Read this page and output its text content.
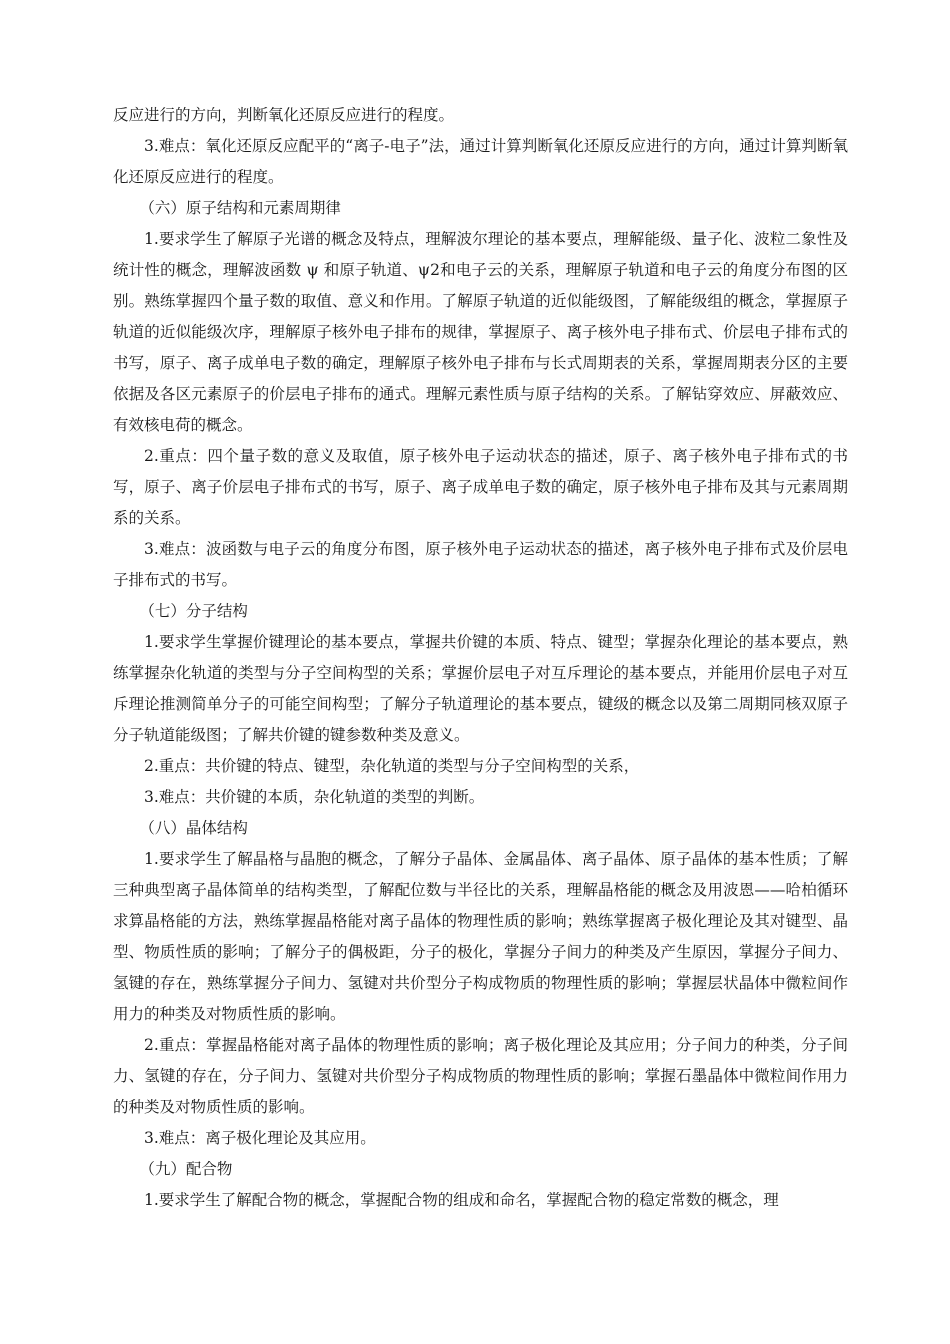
反应进行的方向，判断氧化还原反应进行的程度。

3.难点：氧化还原反应配平的“离子-电子”法，通过计算判断氧化还原反应进行的方向，通过计算判断氧化还原反应进行的程度。

（六）原子结构和元素周期律

1.要求学生了解原子光谱的概念及特点，理解波尔理论的基本要点，理解能级、量子化、波粒二象性及统计性的概念，理解波函数 ψ 和原子轨道、ψ2和电子云的关系，理解原子轨道和电子云的角度分布图的区别。熟练掌握四个量子数的取值、意义和作用。了解原子轨道的近似能级图，了解能级组的概念，掌握原子轨道的近似能级次序，理解原子核外电子排布的规律，掌握原子、离子核外电子排布式、价层电子排布式的书写，原子、离子成单电子数的确定，理解原子核外电子排布与长式周期表的关系，掌握周期表分区的主要依据及各区元素原子的价层电子排布的通式。理解元素性质与原子结构的关系。了解钻穿效应、屏蔽效应、有效核电荷的概念。

2.重点：四个量子数的意义及取值，原子核外电子运动状态的描述，原子、离子核外电子排布式的书写，原子、离子价层电子排布式的书写，原子、离子成单电子数的确定，原子核外电子排布及其与元素周期系的关系。

3.难点：波函数与电子云的角度分布图，原子核外电子运动状态的描述，离子核外电子排布式及价层电子排布式的书写。

（七）分子结构

1.要求学生掌握价键理论的基本要点，掌握共价键的本质、特点、键型；掌握杂化理论的基本要点，熟练掌握杂化轨道的类型与分子空间构型的关系；掌握价层电子对互斥理论的基本要点，并能用价层电子对互斥理论推测简单分子的可能空间构型；了解分子轨道理论的基本要点，键级的概念以及第二周期同核双原子分子轨道能级图；了解共价键的键参数种类及意义。

2.重点：共价键的特点、键型，杂化轨道的类型与分子空间构型的关系，

3.难点：共价键的本质，杂化轨道的类型的判断。

（八）晶体结构

1.要求学生了解晶格与晶胞的概念，了解分子晶体、金属晶体、离子晶体、原子晶体的基本性质；了解三种典型离子晶体简单的结构类型，了解配位数与半径比的关系，理解晶格能的概念及用波恩——哈柏循环求算晶格能的方法，熟练掌握晶格能对离子晶体的物理性质的影响；熟练掌握离子极化理论及其对键型、晶型、物质性质的影响；了解分子的偶极距，分子的极化，掌握分子间力的种类及产生原因，掌握分子间力、氢键的存在，熟练掌握分子间力、氢键对共价型分子构成物质的物理性质的影响；掌握层状晶体中微粒间作用力的种类及对物质性质的影响。

2.重点：掌握晶格能对离子晶体的物理性质的影响；离子极化理论及其应用；分子间力的种类，分子间力、氢键的存在，分子间力、氢键对共价型分子构成物质的物理性质的影响；掌握石墨晶体中微粒间作用力的种类及对物质性质的影响。

3.难点：离子极化理论及其应用。

（九）配合物

1.要求学生了解配合物的概念，掌握配合物的组成和命名，掌握配合物的稳定常数的概念，理
